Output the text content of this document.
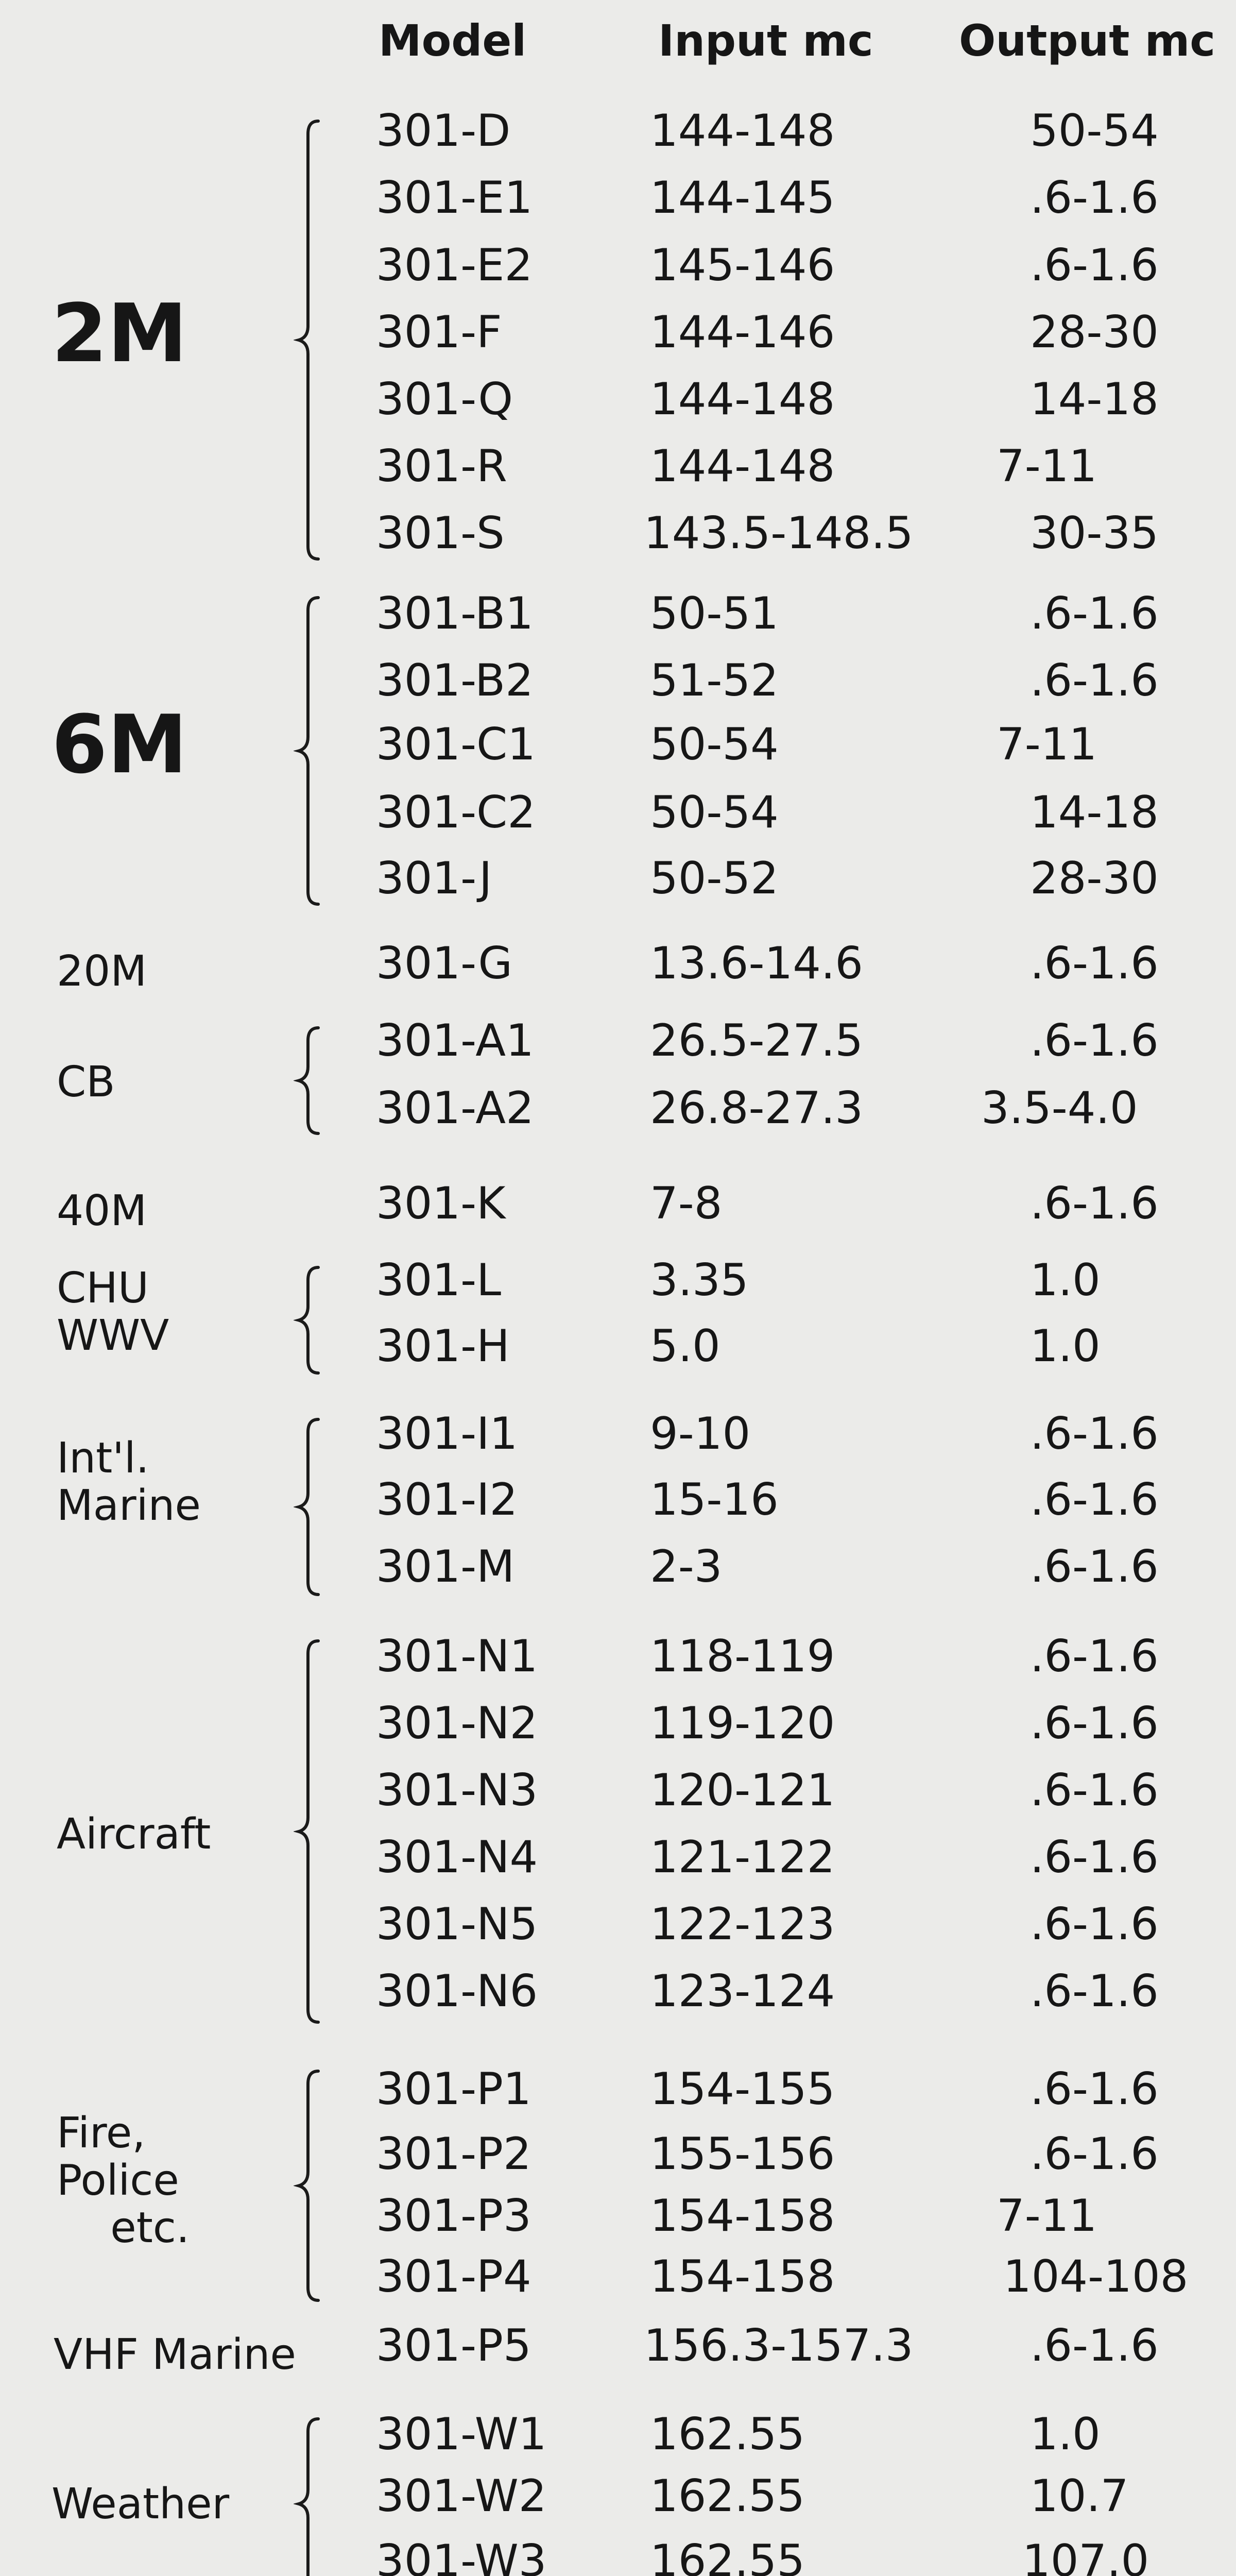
Model	Input mc Output mc
2M
301-D	144-148	50-54
301-E1	144-145	.6-1.6
301-E2	145-146	.6-1.6
301-F	144-146	28-30
301-Q	144-148	14-18
301-R	144-148	7-11
301-S	143.5-148.5	30-35
6M
301-B1	50-51	.6-1.6
301-B2	51-52	.6-1.6
301-C1	50-54	7-11
301-C2	50-54	14-18
301-J	50-52	28-30
20M	301-G	13.6-14.6	.6-1.6
CB
301-A1	26.5-27.5	.6-1.6
301-A2	26.8-27.3	3.5-4.0
40M	301-K	7-8	.6-1.6
CHU
WWV
301-L	3.35	1.0
301-H	5.0	1.0
Int'l.
Marine
301-I1	9-10	.6-1.6
301-I2	15-16	.6-1.6
301-M	2-3	.6-1.6
Aircraft
301-N1	118-119	.6-1.6
301-N2	119-120	.6-1.6
301-N3	120-121	.6-1.6
301-N4	121-122	.6-1.6
301-N5	122-123	.6-1.6
301-N6	123-124	.6-1.6
Fire,
Police
etc.
301-P1	154-155	.6-1.6
301-P2	155-156	.6-1.6
301-P3	154-158	7-11
301-P4	154-158	104-108
VHF Marine 301-P5	156.3-157.3	.6-1.6
Weather
301-W1 162.55	1.0
301-W2 162.55	10.7
301-W3 162.55	107.0
